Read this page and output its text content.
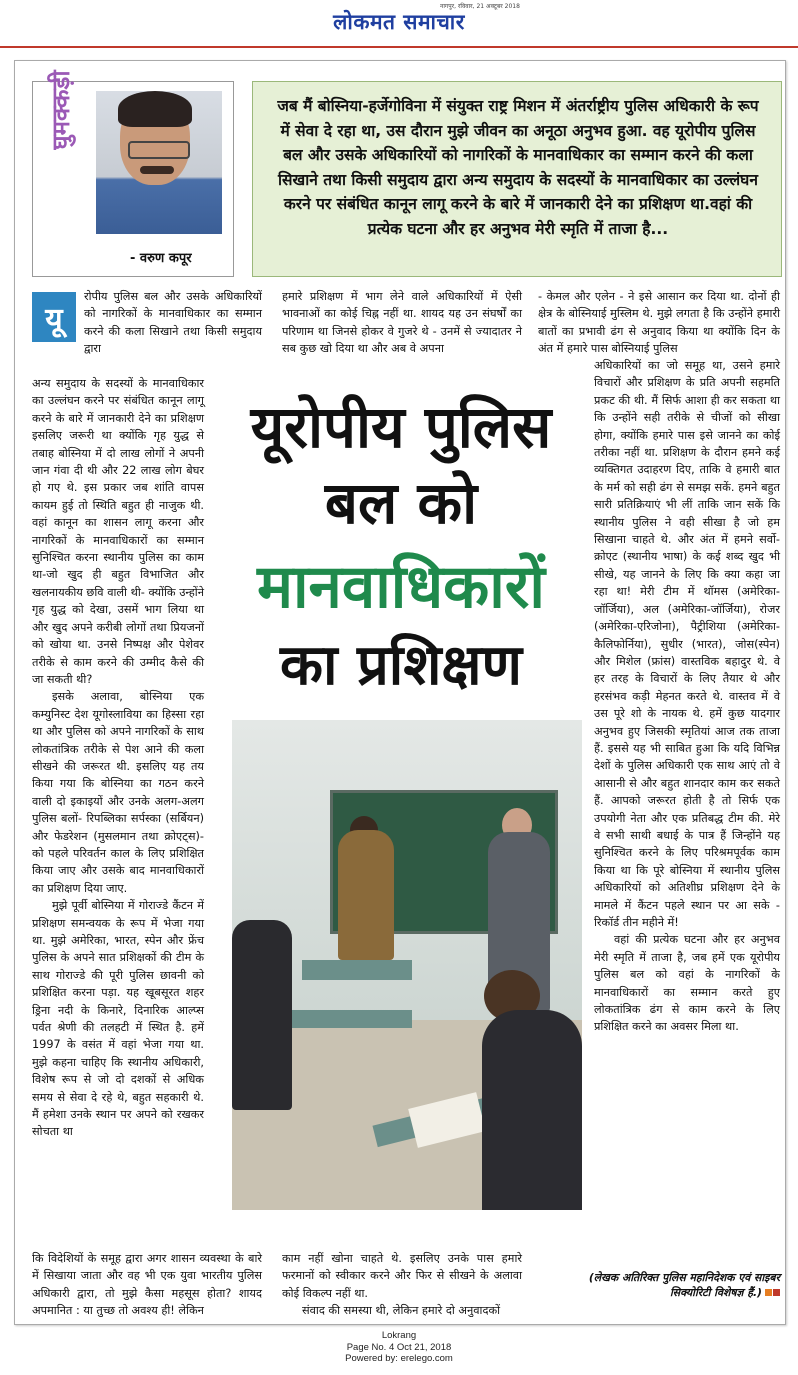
नागपुर, रविवार, 21 अक्टूबर 2018
लोकमत समाचार
घुमक्कड़ी
- वरुण कपूर
जब मैं बोस्निया-हर्जेगोविना में संयुक्त राष्ट्र मिशन में अंतर्राष्ट्रीय पुलिस अधिकारी के रूप में सेवा दे रहा था, उस दौरान मुझे जीवन का अनूठा अनुभव हुआ. वह यूरोपीय पुलिस बल और उसके अधिकारियों को नागरिकों के मानवाधिकार का सम्मान करने की कला सिखाने तथा किसी समुदाय द्वारा अन्य समुदाय के सदस्यों के मानवाधिकार का उल्लंघन करने पर संबंधित कानून लागू करने के बारे में जानकारी देने का प्रशिक्षण था.वहां की प्रत्येक घटना और हर अनुभव मेरी स्मृति में ताजा है...
यू

रोपीय पुलिस बल और उसके अधिकारियों को नागरिकों के मानवाधिकार का सम्मान करने की कला सिखाने तथा किसी समुदाय द्वारा

अन्य समुदाय के सदस्यों के मानवाधिकार का उल्लंघन करने पर संबंधित कानून लागू करने के बारे में जानकारी देने का प्रशिक्षण इसलिए जरूरी था क्योंकि गृह युद्ध से तबाह बोस्निया में दो लाख लोगों ने अपनी जान गंवा दी थी और 22 लाख लोग बेघर हो गए थे. इस प्रकार जब शांति वापस कायम हुई तो स्थिति बहुत ही नाजुक थी. वहां कानून का शासन लागू करना और नागरिकों के मानवाधिकारों का सम्मान सुनिश्चित करना स्थानीय पुलिस का काम था-जो खुद ही बहुत विभाजित और खलनायकीय छवि वाली थी- क्योंकि उन्होंने गृह युद्ध को देखा, उसमें भाग लिया था और खुद अपने करीबी लोगों तथा प्रियजनों को खोया था. उनसे निष्पक्ष और पेशेवर तरीके से काम करने की उम्मीद कैसे की जा सकती थी?

इसके अलावा, बोस्निया एक कम्युनिस्ट देश यूगोस्लाविया का हिस्सा रहा था और पुलिस को अपने नागरिकों के साथ लोकतांत्रिक तरीके से पेश आने की कला सीखने की जरूरत थी. इसलिए यह तय किया गया कि बोस्निया का गठन करने वाली दो इकाइयों और उनके अलग-अलग पुलिस बलों- रिपब्लिका सर्पस्का (सर्बियन) और फेडरेशन (मुसलमान तथा क्रोएट्स)- को पहले परिवर्तन काल के लिए प्रशिक्षित किया जाए और उसके बाद मानवाधिकारों का प्रशिक्षण दिया जाए.

मुझे पूर्वी बोस्निया में गोराज्डे कैंटन में प्रशिक्षण समन्वयक के रूप में भेजा गया था. मुझे अमेरिका, भारत, स्पेन और फ्रेंच पुलिस के अपने सात प्रशिक्षकों की टीम के साथ गोराज्डे की पूरी पुलिस छावनी को प्रशिक्षित करना पड़ा. यह खूबसूरत शहर ड्रिना नदी के किनारे, दिनारिक आल्प्स पर्वत श्रेणी की तलहटी में स्थित है. हमें 1997 के वसंत में वहां भेजा गया था. मुझे कहना चाहिए कि स्थानीय अधिकारी, विशेष रूप से जो दो दशकों से अधिक समय से सेवा दे रहे थे, बहुत सहकारी थे. मैं हमेशा उनके स्थान पर अपने को रखकर सोचता था

कि विदेशियों के समूह द्वारा अगर शासन व्यवस्था के बारे में सिखाया जाता और वह भी एक युवा भारतीय पुलिस अधिकारी द्वारा, तो मुझे कैसा महसूस होता? शायद अपमानित : या तुच्छ तो अवश्य ही! लेकिन

हमारे प्रशिक्षण में भाग लेने वाले अधिकारियों में ऐसी भावनाओं का कोई चिह्न नहीं था. शायद यह उन संघर्षों का परिणाम था जिनसे होकर वे गुजरे थे - उनमें से ज्यादातर ने सब कुछ खो दिया था और अब वे अपना

काम नहीं खोना चाहते थे. इसलिए उनके पास हमारे फरमानों को स्वीकार करने और फिर से सीखने के अलावा कोई विकल्प नहीं था.

संवाद की समस्या थी, लेकिन हमारे दो अनुवादकों

- केमल और एलेन - ने इसे आसान कर दिया था. दोनों ही क्षेत्र के बोस्नियाई मुस्लिम थे. मुझे लगता है कि उन्होंने हमारी बातों का प्रभावी ढंग से अनुवाद किया था क्योंकि दिन के अंत में हमारे पास बोस्नियाई पुलिस

अधिकारियों का जो समूह था, उसने हमारे विचारों और प्रशिक्षण के प्रति अपनी सहमति प्रकट की थी. मैं सिर्फ आशा ही कर सकता था कि उन्होंने सही तरीके से चीजों को सीखा होगा, क्योंकि हमारे पास इसे जानने का कोई तरीका नहीं था. प्रशिक्षण के दौरान हमने कई व्यक्तिगत उदाहरण दिए, ताकि वे हमारी बात के मर्म को सही ढंग से समझ सकें. हमने बहुत सारी प्रतिक्रियाएं भी लीं ताकि जान सकें कि स्थानीय पुलिस ने वही सीखा है जो हम सिखाना चाहते थे. और अंत में हमने सर्वो-क्रोएट (स्थानीय भाषा) के कई शब्द खुद भी सीखे, यह जानने के लिए कि क्या कहा जा रहा था! मेरी टीम में थॉमस (अमेरिका-जॉर्जिया), अल (अमेरिका-जॉर्जिया), रोजर (अमेरिका-एरिजोना), पैट्रीशिया (अमेरिका-कैलिफोर्निया), सुधीर (भारत), जोस(स्पेन) और मिशेल (फ्रांस) वास्तविक बहादुर थे. वे हर तरह के विचारों के लिए तैयार थे और हरसंभव कड़ी मेहनत करते थे. वास्तव में वे उस पूरे शो के नायक थे. हमें कुछ यादगार अनुभव हुए जिसकी स्मृतियां आज तक ताजा हैं. इससे यह भी साबित हुआ कि यदि विभिन्न देशों के पुलिस अधिकारी एक साथ आएं तो वे आसानी से और बहुत शानदार काम कर सकते हैं. आपको जरूरत होती है तो सिर्फ एक उपयोगी नेता और एक प्रतिबद्ध टीम की. मेरे वे सभी साथी बधाई के पात्र हैं जिन्होंने यह सुनिश्चित करने के लिए परिश्रमपूर्वक काम किया था कि पूरे बोस्निया में स्थानीय पुलिस अधिकारियों को अतिशीघ्र प्रशिक्षण देने के मामले में कैंटन पहले स्थान पर आ सके - रिकॉर्ड तीन महीने में!

वहां की प्रत्येक घटना और हर अनुभव मेरी स्मृति में ताजा है, जब हमें एक यूरोपीय पुलिस बल को वहां के नागरिकों के मानवाधिकारों का सम्मान करते हुए लोकतांत्रिक ढंग से काम करने के लिए प्रशिक्षित करने का अवसर मिला था.

यूरोपीय पुलिस
बल को
मानवाधिकारों
का प्रशिक्षण
(लेखक अतिरिक्त पुलिस महानिदेशक एवं साइबर सिक्योरिटी विशेषज्ञ हैं.)
Lokrang
Page No. 4 Oct 21, 2018
Powered by: erelego.com
